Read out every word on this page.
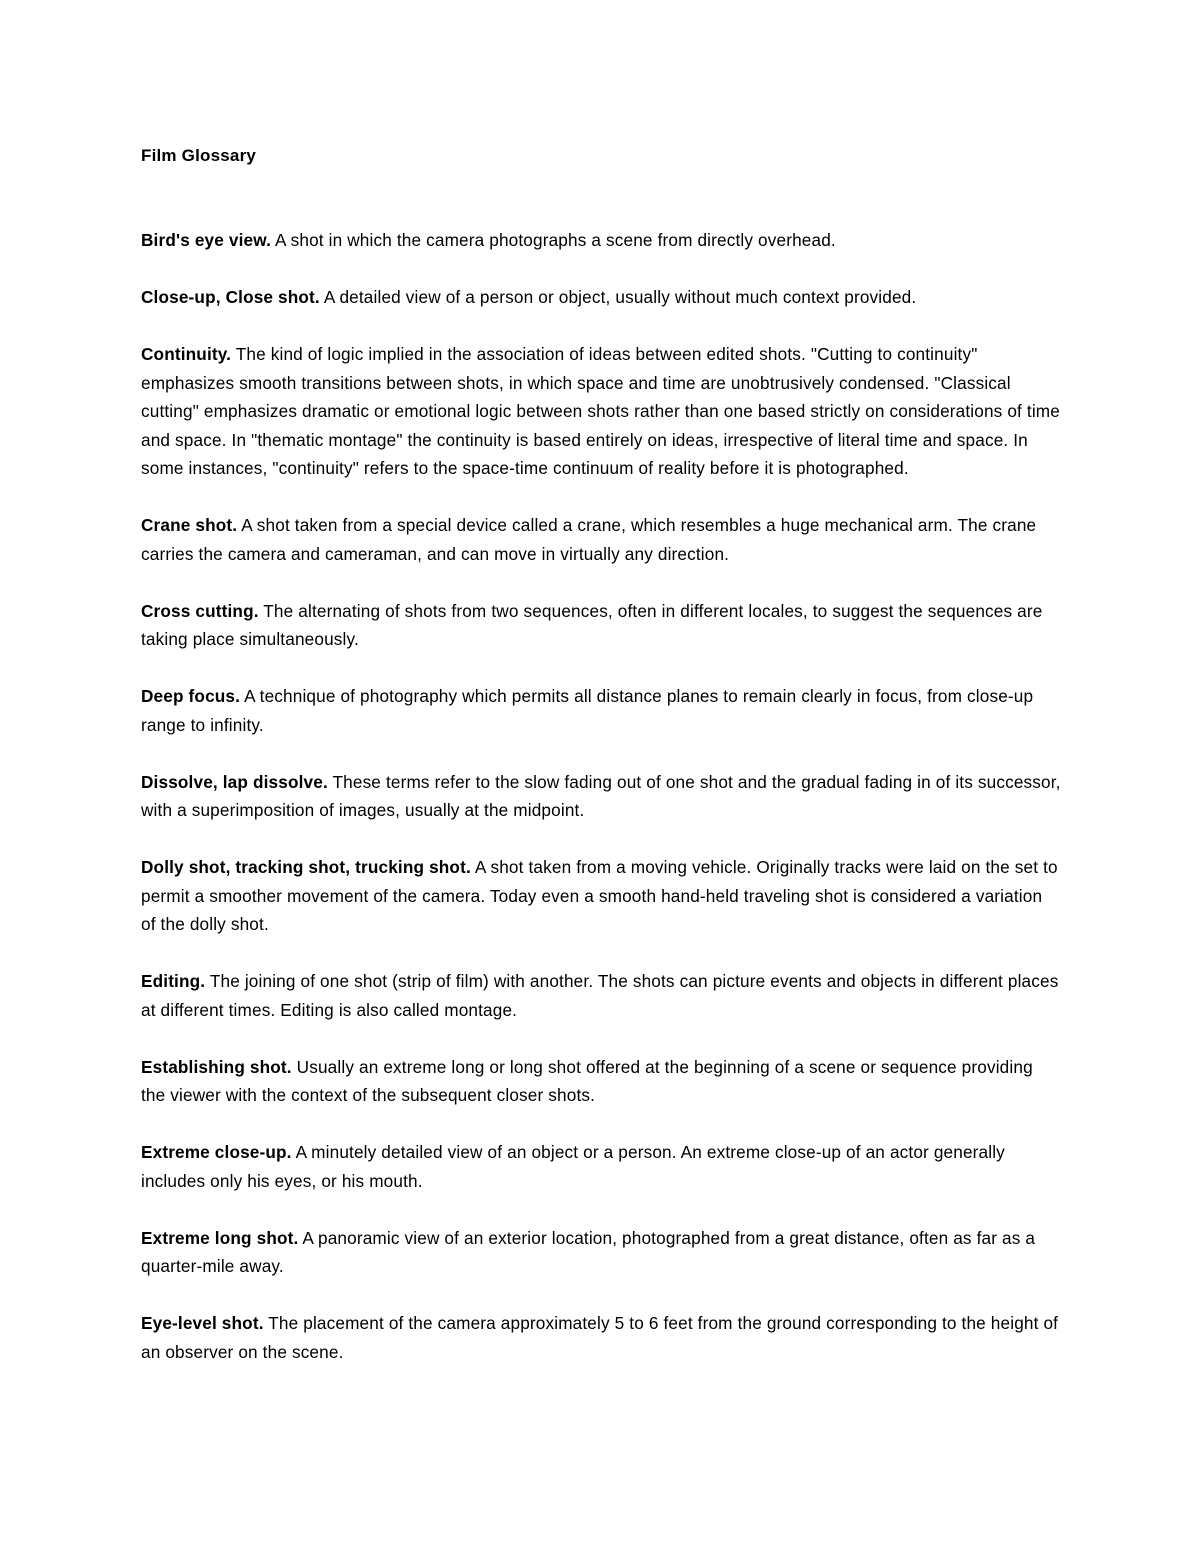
Film Glossary

Bird's eye view. A shot in which the camera photographs a scene from directly overhead.

Close-up, Close shot. A detailed view of a person or object, usually without much context provided.

Continuity. The kind of logic implied in the association of ideas between edited shots. "Cutting to continuity" emphasizes smooth transitions between shots, in which space and time are unobtrusively condensed. "Classical cutting" emphasizes dramatic or emotional logic between shots rather than one based strictly on considerations of time and space. In "thematic montage" the continuity is based entirely on ideas, irrespective of literal time and space. In some instances, "continuity" refers to the space-time continuum of reality before it is photographed.

Crane shot. A shot taken from a special device called a crane, which resembles a huge mechanical arm. The crane carries the camera and cameraman, and can move in virtually any direction.

Cross cutting. The alternating of shots from two sequences, often in different locales, to suggest the sequences are taking place simultaneously.

Deep focus. A technique of photography which permits all distance planes to remain clearly in focus, from close-up range to infinity.

Dissolve, lap dissolve. These terms refer to the slow fading out of one shot and the gradual fading in of its successor, with a superimposition of images, usually at the midpoint.

Dolly shot, tracking shot, trucking shot. A shot taken from a moving vehicle. Originally tracks were laid on the set to permit a smoother movement of the camera. Today even a smooth hand-held traveling shot is considered a variation of the dolly shot.

Editing. The joining of one shot (strip of film) with another. The shots can picture events and objects in different places at different times. Editing is also called montage.

Establishing shot. Usually an extreme long or long shot offered at the beginning of a scene or sequence providing the viewer with the context of the subsequent closer shots.

Extreme close-up. A minutely detailed view of an object or a person. An extreme close-up of an actor generally includes only his eyes, or his mouth.

Extreme long shot. A panoramic view of an exterior location, photographed from a great distance, often as far as a quarter-mile away.

Eye-level shot. The placement of the camera approximately 5 to 6 feet from the ground corresponding to the height of an observer on the scene.
